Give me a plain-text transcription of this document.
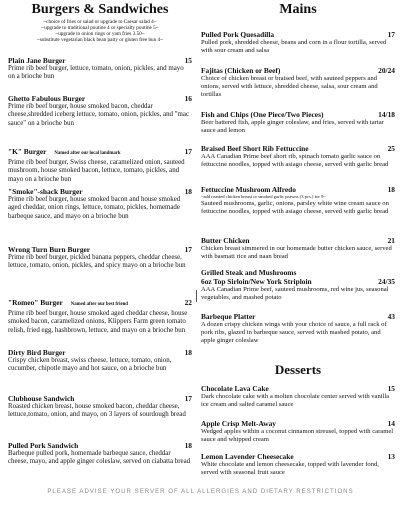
Burgers & Sandwiches
~choice of fries or salad or upgrade to Caesar salad 4~
~upgrade to traditional poutine 4 or specialty poutine 5~
~upgrade to onion rings or yam fries 3.50~
~substitute vegetarian black bean patty or gluten free bun 4~
Plain Jane Burger	15
Prime rib beef burger, lettuce, tomato, onion, pickles, and mayo on a brioche bun
Ghetto Fabulous Burger	16
Prime rib beef burger, house smoked bacon, cheddar cheese,shredded iceberg lettuce, tomato, onion, pickles, and "mac sauce" on a brioche bun
"K" Burger Named after our local landmark	17
Prime rib beef burger, Swiss cheese, caramelized onion, sauteed mushroom, house smoked bacon, lettuce, tomato, pickles, and mayo on a brioche bun
"Smoke"-shack Burger	18
Prime rib beef burger, house smoked bacon and house smoked aged cheddar, onion rings, lettuce, tomato, pickles, homemade barbeque sauce, and mayo on a brioche bun
Wrong Turn Burn Burger	17
Prime rib beef burger, pickled banana peppers, cheddar cheese, lettuce, tomato, onion, pickles, and spicy mayo on a brioche bun
"Romeo" Burger Named after our best friend	22
Prime rib beef burger, house smoked aged cheddar cheese, house smoked bacon, caramelized onions, Klippers Farm green tomato relish, fried egg, hashbrown, lettuce, and mayo on a brioche bun
Dirty Bird Burger	18
Crispy chicken breast, swiss cheese, lettuce, tomato, onion, cucumber, chipotle mayo and hot sauce, on a brioche bun
Clubhouse Sandwich	17
Roasted chicken breast, house smoked bacon, cheddar cheese, lettuce,tomato, onion, and mayo, on 3 layers of sourdough bread
Pulled Pork Sandwich	18
Barbeque pulled pork, homemade barbeque sauce, cheddar cheese, mayo, and apple ginger coleslaw, served on ciabatta bread
Mains
Pulled Pork Quesadilla	17
Pulled pork, shredded cheese, beans and corn in a flour tortilla, served with sour cream and salsa
Fajitas (Chicken or Beef)	20/24
Choice of chicken breast or braised beef, with sauteed peppers and onions, served with lettuce, shredded cheese, salsa, sour cream and tortillas
Fish and Chips (One Piece/Two Pieces)	14/18
Beer battered fish, apple ginger coleslaw, and fries, served with tartar sauce and lemon
Braised Beef Short Rib Fettuccine	25
AAA Canadian Prime beef short rib, spinach tomato garlic sauce on fettuccine noodles, topped with asiago cheese, served with garlic bread
Fettuccine Mushroom Alfredo	18
~add roasted chicken breast or smoked garlic prawns (3 pcs.) for 9~
Sauteed mushrooms, garlic, onions, parsley white wine cream sauce on fettuccine noodles, topped with asiago cheese, served with garlic bread
Butter Chicken	21
Chicken breast simmered in our homemade butter chicken sauce, served with basmati rice and naan bread
Grilled Steak and Mushrooms
6oz Top Sirloin/New York Striploin	24/35
AAA Canadian Prime beef, sauteed mushrooms, red wine jus, seasonal vegetables, and mashed potato
Barbeque Platter	43
A dozen crispy chicken wings with your choice of sauce, a full rack of pork ribs, glazed in barbeque sauce, served with mashed potato, and apple ginger coleslaw
Desserts
Chocolate Lava Cake	15
Dark chocolate cake with a molten chocolate center served with vanilla ice cream and salted caramel sauce
Apple Crisp Melt-Away	14
Wedged apples within a coconut cinnamon streusel, topped with caramel sauce and whipped cream
Lemon Lavender Cheesecake	13
White chocolate and lemon cheesecake, topped with lavender fond, served with seasonal fruit sauce
PLEASE ADVISE YOUR SERVER OF ALL ALLERGIES AND DIETARY RESTRICTIONS
